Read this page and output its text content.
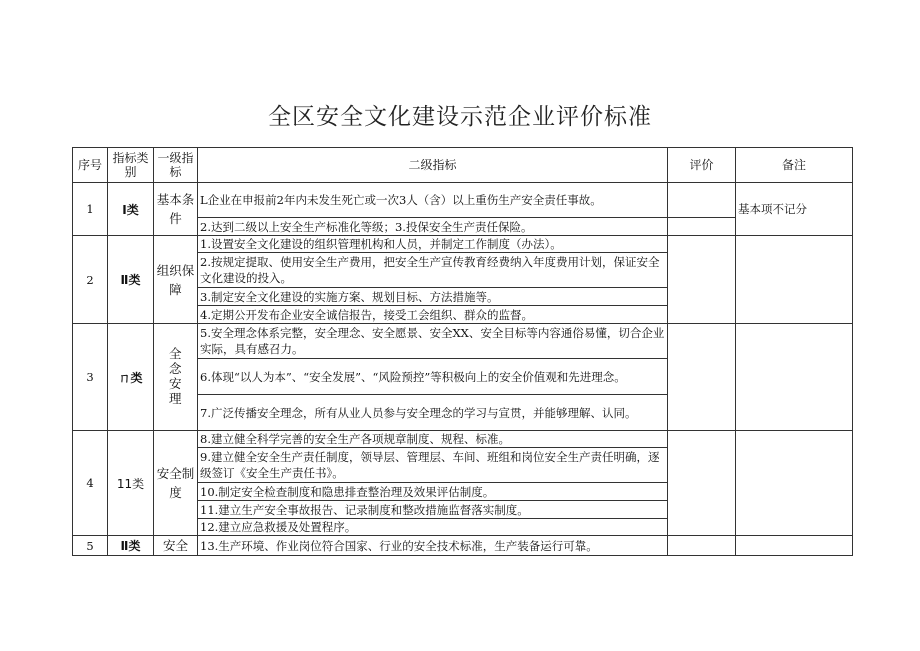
全区安全文化建设示范企业评价标准
序号	指标类别	一级指标	二级指标	评价	备注
1	Ⅰ类	基本条件	L企业在申报前2年内未发生死亡或一次3人（含）以上重伤生产安全责任事故。		基本项不记分
			2.达到二级以上安全生产标准化等级；3.投保安全生产责任保险。		
2	Ⅱ类	组织保障	1.设置安全文化建设的组织管理机构和人员，并制定工作制度（办法）。		
			2.按规定提取、使用安全生产费用，把安全生产宣传教育经费纳入年度费用计划，保证安全文化建设的投入。		
			3.制定安全文化建设的实施方案、规划目标、方法措施等。		
			4.定期公开发布企业安全诚信报告，接受工会组织、群众的监督。		
3	ㄇ类	全念安理	5.安全理念体系完整，安全理念、安全愿景、安全XX、安全目标等内容通俗易懂，切合企业实际，具有感召力。		
			6.体现“以人为本”、“安全发展”、“风险预控”等积极向上的安全价值观和先进理念。		
			7.广泛传播安全理念，所有从业人员参与安全理念的学习与宣贯，并能够理解、认同。		
4	11类	安全制度	8.建立健全科学完善的安全生产各项规章制度、规程、标准。		
			9.建立健全安全生产责任制度，领导层、管理层、车间、班组和岗位安全生产责任明确，逐级签订《安全生产责任书》。		
			10.制定安全检查制度和隐患排查整治理及效果评估制度。		
			11.建立生产安全事故报告、记录制度和整改措施监督落实制度。		
			12.建立应急救援及处置程序。		
5	Ⅱ类	安全	13.生产环境、作业岗位符合国家、行业的安全技术标准，生产装备运行可靠。		
